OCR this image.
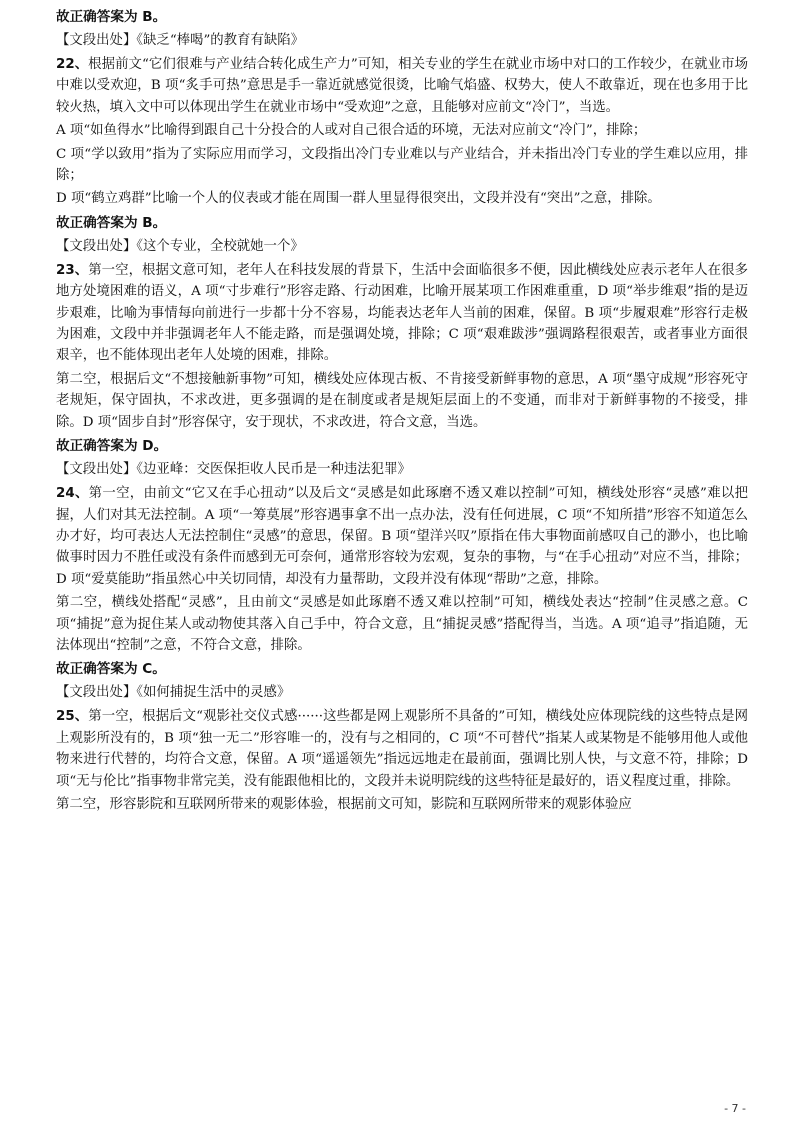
故正确答案为 B。
【文段出处】《缺乏“棒喝”的教育有缺陷》
22、根据前文“它们很难与产业结合转化成生产力”可知，相关专业的学生在就业市场中对口的工作较少，在就业市场中难以受欢迎，B 项“炙手可热”意思是手一靠近就感觉很烫，比喻气焰盛、权势大，使人不敢靠近，现在也多用于比较火热，填入文中可以体现出学生在就业市场中“受欢迎”之意，且能够对应前文“冷门”，当选。
A 项“如鱼得水”比喻得到跟自己十分投合的人或对自己很合适的环境，无法对应前文“冷门”，排除；
C 项“学以致用”指为了实际应用而学习，文段指出冷门专业难以与产业结合，并未指出冷门专业的学生难以应用，排除；
D 项“鹤立鸡群”比喻一个人的仪表或才能在周围一群人里显得很突出，文段并没有“突出”之意，排除。
故正确答案为 B。
【文段出处】《这个专业，全校就她一个》
23、第一空，根据文意可知，老年人在科技发展的背景下，生活中会面临很多不便，因此横线处应表示老年人在很多地方处境困难的语义，A 项“寸步难行”形容走路、行动困难，比喻开展某项工作困难重重，D 项“举步维艰”指的是迈步艰难，比喻为事情每向前进行一步都十分不容易，均能表达老年人当前的困难，保留。B 项“步履艰难”形容行走极为困难，文段中并非强调老年人不能走路，而是强调处境，排除；C 项“艰难跋涉”强调路程很艰苦，或者事业方面很艰辛，也不能体现出老年人处境的困难，排除。
第二空，根据后文“不想接触新事物”可知，横线处应体现古板、不肯接受新鲜事物的意思，A 项“墨守成规”形容死守老规矩，保守固执，不求改进，更多强调的是在制度或者是规矩层面上的不变通，而非对于新鲜事物的不接受，排除。D 项“固步自封”形容保守，安于现状，不求改进，符合文意，当选。
故正确答案为 D。
【文段出处】《边亚峰：交医保拒收人民币是一种违法犯罪》
24、第一空，由前文“它又在手心扭动”以及后文“灵感是如此琢磨不透又难以控制”可知，横线处形容“灵感”难以把握，人们对其无法控制。A 项“一筹莫展”形容遇事拿不出一点办法，没有任何进展，C 项“不知所措”形容不知道怎么办才好，均可表达人无法控制住“灵感”的意思，保留。B 项“望洋兴叹”原指在伟大事物面前感叹自己的渺小，也比喻做事时因力不胜任或没有条件而感到无可奈何，通常形容较为宏观，复杂的事物，与“在手心扭动”对应不当，排除；D 项“爱莫能助”指虽然心中关切同情，却没有力量帮助，文段并没有体现“帮助”之意，排除。
第二空，横线处搭配“灵感”，且由前文“灵感是如此琢磨不透又难以控制”可知，横线处表达“控制”住灵感之意。C 项“捕捉”意为捉住某人或动物使其落入自己手中，符合文意，且“捕捉灵感”搭配得当，当选。A 项“追寻”指追随，无法体现出“控制”之意，不符合文意，排除。
故正确答案为 C。
【文段出处】《如何捕捉生活中的灵感》
25、第一空，根据后文“观影社交仪式感······这些都是网上观影所不具备的”可知，横线处应体现院线的这些特点是网上观影所没有的，B 项“独一无二”形容唯一的，没有与之相同的，C 项“不可替代”指某人或某物是不能够用他人或他物来进行代替的，均符合文意，保留。A 项“遥遥领先”指远远地走在最前面，强调比别人快，与文意不符，排除；D 项“无与伦比”指事物非常完美，没有能跟他相比的，文段并未说明院线的这些特征是最好的，语义程度过重，排除。
第二空，形容影院和互联网所带来的观影体验，根据前文可知，影院和互联网所带来的观影体验应
- 7 -
